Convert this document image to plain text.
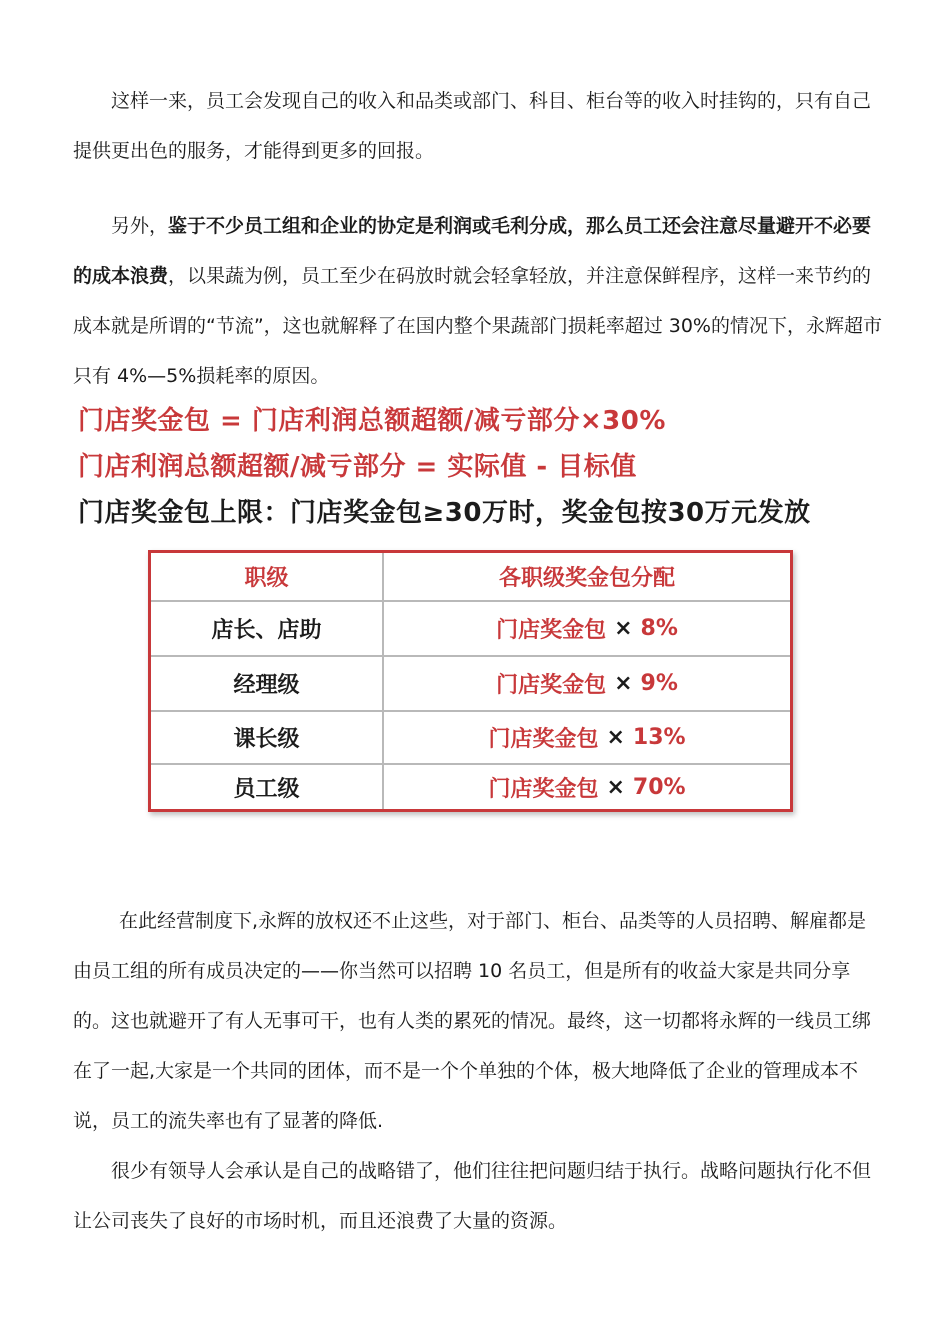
这样一来，员工会发现自己的收入和品类或部门、科目、柜台等的收入时挂钩的，只有自己提供更出色的服务，才能得到更多的回报。

另外，鉴于不少员工组和企业的协定是利润或毛利分成，那么员工还会注意尽量避开不必要的成本浪费，以果蔬为例，员工至少在码放时就会轻拿轻放，并注意保鲜程序，这样一来节约的成本就是所谓的“节流”，这也就解释了在国内整个果蔬部门损耗率超过 30%的情况下，永辉超市只有 4%—5%损耗率的原因。

门店奖金包 = 门店利润总额超额/减亏部分×30%
门店利润总额超额/减亏部分 = 实际值 - 目标值
门店奖金包上限：门店奖金包≥30万时，奖金包按30万元发放
职级	各职级奖金包分配
店长、店助	门店奖金包 × 8%
经理级	门店奖金包 × 9%
课长级	门店奖金包 × 13%
员工级	门店奖金包 × 70%

在此经营制度下,永辉的放权还不止这些，对于部门、柜台、品类等的人员招聘、解雇都是由员工组的所有成员决定的——你当然可以招聘 10 名员工，但是所有的收益大家是共同分享的。 这也就避开了有人无事可干，也有人类的累死的情况。最终，这一切都将永辉的一线员工绑在了一起,大家是一个共同的团体，而不是一个个单独的个体，极大地降低了企业的管理成本不说，员工的流失率也有了显著的降低.

很少有领导人会承认是自己的战略错了，他们往往把问题归结于执行。战略问题执行化不但让公司丧失了良好的市场时机，而且还浪费了大量的资源。
